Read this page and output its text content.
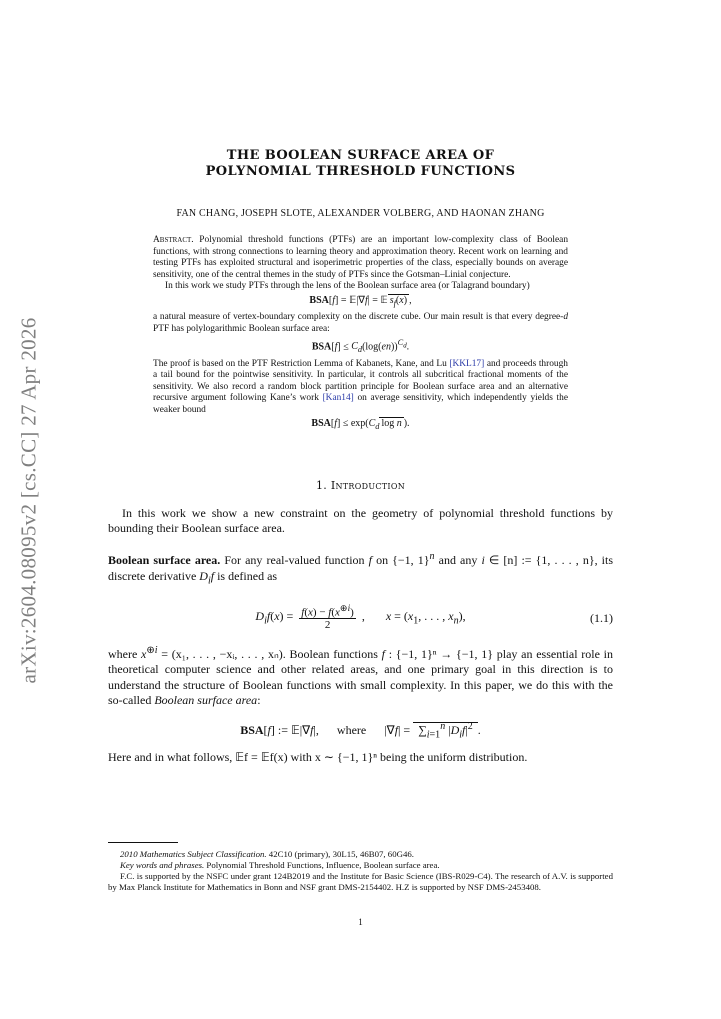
arXiv:2604.08095v2 [cs.CC] 27 Apr 2026
THE BOOLEAN SURFACE AREA OF
POLYNOMIAL THRESHOLD FUNCTIONS
FAN CHANG, JOSEPH SLOTE, ALEXANDER VOLBERG, AND HAONAN ZHANG

Abstract. Polynomial threshold functions (PTFs) are an important low-complexity class of Boolean functions, with strong connections to learning theory and approximation theory. Recent work on learning and testing PTFs has exploited structural and isoperimetric properties of the class, especially bounds on average sensitivity, one of the central themes in the study of PTFs since the Gotsman–Linial conjecture.

In this work we study PTFs through the lens of the Boolean surface area (or Talagrand boundary)

BSA[f] = 𝔼|∇f| = 𝔼 $s_f(x)$ ,

a natural measure of vertex-boundary complexity on the discrete cube. Our main result is that every degree-d PTF has polylogarithmic Boolean surface area:

$BSA[f] \le C_d(\log(en))^{C_d}$.

The proof is based on the PTF Restriction Lemma of Kabanets, Kane, and Lu [KKL17] and proceeds through a tail bound for the pointwise sensitivity. In particular, it controls all subcritical fractional moments of the sensitivity. We also record a random block partition principle for Boolean surface area and an alternative recursive argument following Kane’s work [Kan14] on average sensitivity, which independently yields the weaker bound

$BSA[f] \le \exp(C_d$ log n ).
1. Introduction

In this work we show a new constraint on the geometry of polynomial threshold functions by bounding their Boolean surface area.

Boolean surface area. For any real-valued function f on {−1, 1}$^n$ and any i ∈ [n] := {1, . . . , n}, its discrete derivative $D_if$ is defined as

$D_if(x) = \frac{f(x) - f(x^{\oplus i})}{2}$ ,       $x = (x_1$, . . . , $x_n$),	(1.1)

where $x^{\oplus i} = (x_1$, . . . , −xᵢ, . . . , xₙ). Boolean functions f : {−1, 1}ⁿ → {−1, 1} play an essential role in theoretical computer science and other related areas, and one primary goal in this direction is to understand the structure of Boolean functions with small complexity. In this paper, we do this with the so-called Boolean surface area:

BSA[f] := 𝔼|∇f|,      where      $|\nabla f| = \sum_{i=1}^n$ $|D_if|^2$ .
Here and in what follows, 𝔼f = 𝔼f(x) with x ∼ {−1, 1}ⁿ being the uniform distribution.

2010 Mathematics Subject Classification. 42C10 (primary), 30L15, 46B07, 60G46.

Key words and phrases. Polynomial Threshold Functions, Influence, Boolean surface area.

F.C. is supported by the NSFC under grant 124B2019 and the Institute for Basic Science (IBS-R029-C4). The research of A.V. is supported by Max Planck Institute for Mathematics in Bonn and NSF grant DMS-2154402. H.Z is supported by NSF DMS-2453408.

1
